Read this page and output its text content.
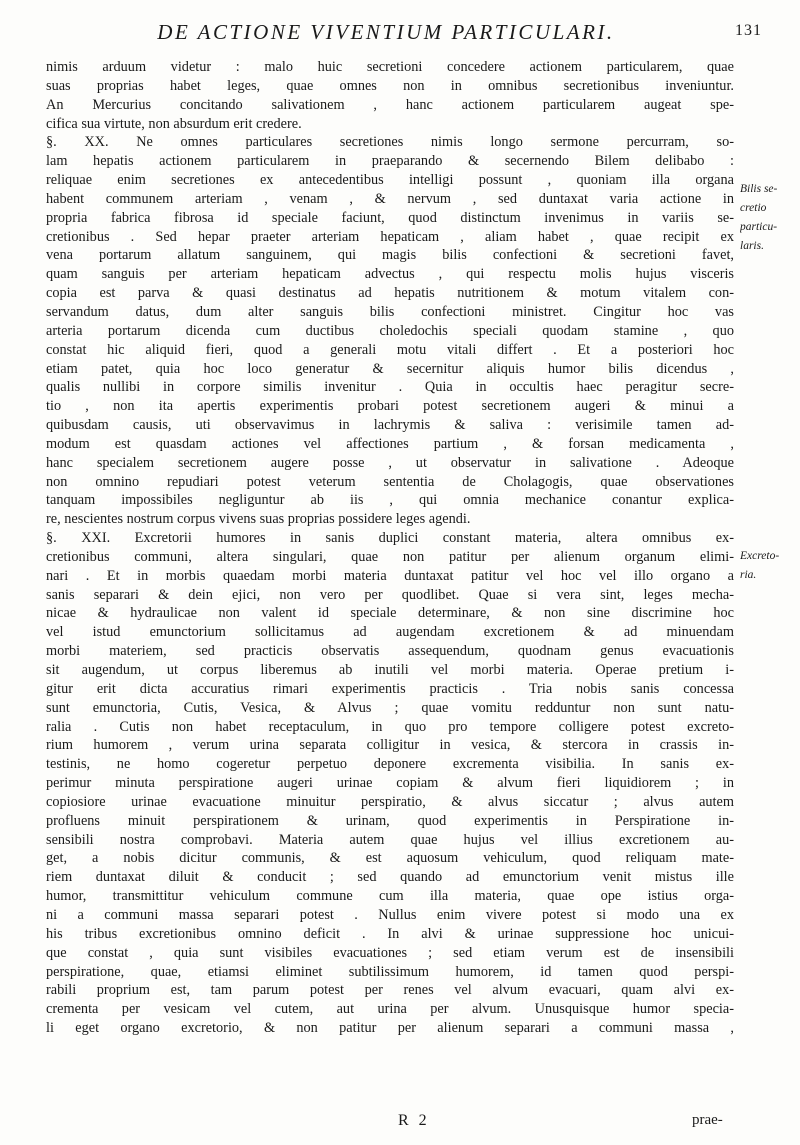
DE ACTIONE VIVENTIUM PARTICULARI.	131
nimis arduum videtur : malo huic secretioni concedere actionem particularem, quae
suas proprias habet leges, quae omnes non in omnibus secretionibus inveniuntur.
An Mercurius concitando salivationem , hanc actionem particularem augeat spe-
cifica sua virtute, non absurdum erit credere.
§. XX. Ne omnes particulares secretiones nimis longo sermone percurram, so-
lam hepatis actionem particularem in praeparando & secernendo Bilem delibabo :
reliquae enim secretiones ex antecedentibus intelligi possunt , quoniam illa organa
habent communem arteriam , venam , & nervum , sed duntaxat varia actione in
propria fabrica fibrosa id speciale faciunt, quod distinctum invenimus in variis se-
cretionibus . Sed hepar praeter arteriam hepaticam , aliam habet , quae recipit ex
vena portarum allatum sanguinem, qui magis bilis confectioni & secretioni favet,
quam sanguis per arteriam hepaticam advectus , qui respectu molis hujus visceris
copia est parva & quasi destinatus ad hepatis nutritionem & motum vitalem con-
servandum datus, dum alter sanguis bilis confectioni ministret. Cingitur hoc vas
arteria portarum dicenda cum ductibus choledochis speciali quodam stamine , quo
constat hic aliquid fieri, quod a generali motu vitali differt . Et a posteriori hoc
etiam patet, quia hoc loco generatur & secernitur aliquis humor bilis dicendus ,
qualis nullibi in corpore similis invenitur . Quia in occultis haec peragitur secre-
tio , non ita apertis experimentis probari potest secretionem augeri & minui a
quibusdam causis, uti observavimus in lachrymis & saliva : verisimile tamen ad-
modum est quasdam actiones vel affectiones partium , & forsan medicamenta ,
hanc specialem secretionem augere posse , ut observatur in salivatione . Adeoque
non omnino repudiari potest veterum sententia de Cholagogis, quae observationes
tanquam impossibiles negliguntur ab iis , qui omnia mechanice conantur explica-
re, nescientes nostrum corpus vivens suas proprias possidere leges agendi.
§. XXI. Excretorii humores in sanis duplici constant materia, altera omnibus ex-
cretionibus communi, altera singulari, quae non patitur per alienum organum elimi-
nari . Et in morbis quaedam morbi materia duntaxat patitur vel hoc vel illo organo a
sanis separari & dein ejici, non vero per quodlibet. Quae si vera sint, leges mecha-
nicae & hydraulicae non valent id speciale determinare, & non sine discrimine hoc
vel istud emunctorium sollicitamus ad augendam excretionem & ad minuendam
morbi materiem, sed practicis observatis assequendum, quodnam genus evacuationis
sit augendum, ut corpus liberemus ab inutili vel morbi materia. Operae pretium i-
gitur erit dicta accuratius rimari experimentis practicis . Tria nobis sanis concessa
sunt emunctoria, Cutis, Vesica, & Alvus ; quae vomitu redduntur non sunt natu-
ralia . Cutis non habet receptaculum, in quo pro tempore colligere potest excreto-
rium humorem , verum urina separata colligitur in vesica, & stercora in crassis in-
testinis, ne homo cogeretur perpetuo deponere excrementa visibilia. In sanis ex-
perimur minuta perspiratione augeri urinae copiam & alvum fieri liquidiorem ; in
copiosiore urinae evacuatione minuitur perspiratio, & alvus siccatur ; alvus autem
profluens minuit perspirationem & urinam, quod experimentis in Perspiratione in-
sensibili nostra comprobavi. Materia autem quae hujus vel illius excretionem au-
get, a nobis dicitur communis, & est aquosum vehiculum, quod reliquam mate-
riem duntaxat diluit & conducit ; sed quando ad emunctorium venit mistus ille
humor, transmittitur vehiculum commune cum illa materia, quae ope istius orga-
ni a communi massa separari potest . Nullus enim vivere potest si modo una ex
his tribus excretionibus omnino deficit . In alvi & urinae suppressione hoc unicui-
que constat , quia sunt visibiles evacuationes ; sed etiam verum est de insensibili
perspiratione, quae, etiamsi eliminet subtilissimum humorem, id tamen quod perspi-
rabili proprium est, tam parum potest per renes vel alvum evacuari, quam alvi ex-
crementa per vesicam vel cutem, aut urina per alvum. Unusquisque humor specia-
li eget organo excretorio, & non patitur per alienum separari a communi massa ,
Bilis se-
cretio
particu-
laris.
Excreto-
ria.
R 2	prae-
